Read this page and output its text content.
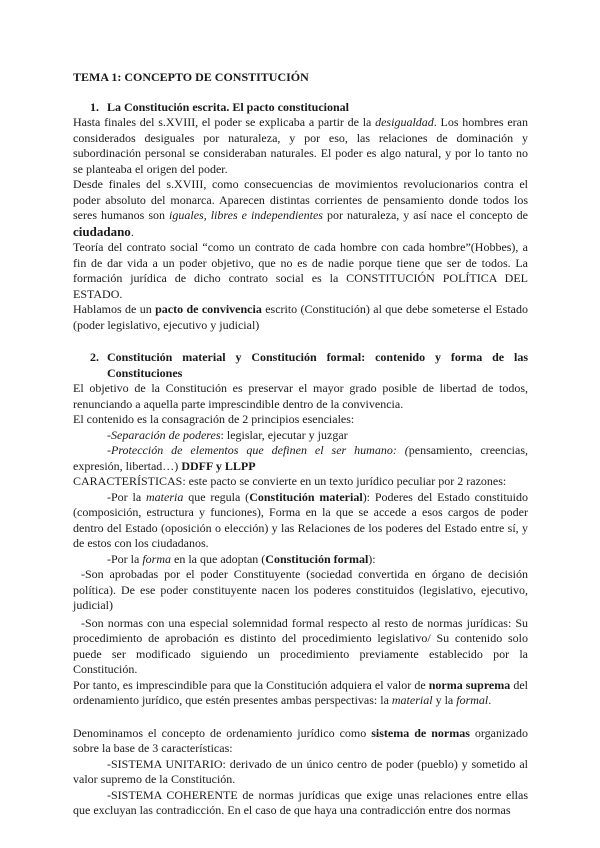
TEMA 1: CONCEPTO DE CONSTITUCIÓN
1. La Constitución escrita. El pacto constitucional

Hasta finales del s.XVIII, el poder se explicaba a partir de la desigualdad. Los hombres eran considerados desiguales por naturaleza, y por eso, las relaciones de dominación y subordinación personal se consideraban naturales. El poder es algo natural, y por lo tanto no se planteaba el origen del poder.

Desde finales del s.XVIII, como consecuencias de movimientos revolucionarios contra el poder absoluto del monarca. Aparecen distintas corrientes de pensamiento donde todos los seres humanos son iguales, libres e independientes por naturaleza, y así nace el concepto de ciudadano.

Teoría del contrato social “como un contrato de cada hombre con cada hombre”(Hobbes), a fin de dar vida a un poder objetivo, que no es de nadie porque tiene que ser de todos. La formación jurídica de dicho contrato social es la CONSTITUCIÓN POLÍTICA DEL ESTADO.

Hablamos de un pacto de convivencia escrito (Constitución) al que debe someterse el Estado (poder legislativo, ejecutivo y judicial)

2. Constitución material y Constitución formal: contenido y forma de las Constituciones

El objetivo de la Constitución es preservar el mayor grado posible de libertad de todos, renunciando a aquella parte imprescindible dentro de la convivencia.

El contenido es la consagración de 2 principios esenciales:

-Separación de poderes: legislar, ejecutar y juzgar

-Protección de elementos que definen el ser humano: (pensamiento, creencias, expresión, libertad…) DDFF y LLPP

CARACTERÍSTICAS: este pacto se convierte en un texto jurídico peculiar por 2 razones:

-Por la materia que regula (Constitución material): Poderes del Estado constituido (composición, estructura y funciones), Forma en la que se accede a esos cargos de poder dentro del Estado (oposición o elección) y las Relaciones de los poderes del Estado entre sí, y de estos con los ciudadanos.

-Por la forma en la que adoptan (Constitución formal):

-Son aprobadas por el poder Constituyente (sociedad convertida en órgano de decisión política). De ese poder constituyente nacen los poderes constituidos (legislativo, ejecutivo, judicial)

-Son normas con una especial solemnidad formal respecto al resto de normas jurídicas: Su procedimiento de aprobación es distinto del procedimiento legislativo/ Su contenido solo puede ser modificado siguiendo un procedimiento previamente establecido por la Constitución.

Por tanto, es imprescindible para que la Constitución adquiera el valor de norma suprema del ordenamiento jurídico, que estén presentes ambas perspectivas: la material y la formal.

Denominamos el concepto de ordenamiento jurídico como sistema de normas organizado sobre la base de 3 características:

-SISTEMA UNITARIO: derivado de un único centro de poder (pueblo) y sometido al valor supremo de la Constitución.

-SISTEMA COHERENTE de normas jurídicas que exige unas relaciones entre ellas que excluyan las contradicción. En el caso de que haya una contradicción entre dos normas
